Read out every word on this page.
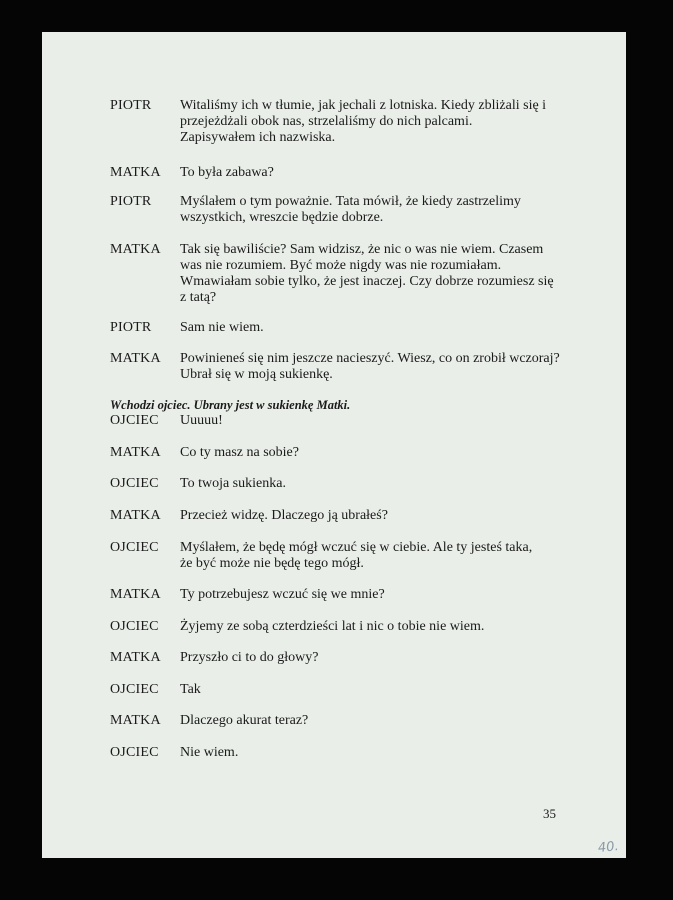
PIOTR Witaliśmy ich w tłumie, jak jechali z lotniska. Kiedy zbliżali się i
przejeżdżali obok nas, strzelaliśmy do nich palcami.
Zapisywałem ich nazwiska.
MATKA To była zabawa?
PIOTR Myślałem o tym poważnie. Tata mówił, że kiedy zastrzelimy
wszystkich, wreszcie będzie dobrze.
MATKA Tak się bawiliście? Sam widzisz, że nic o was nie wiem. Czasem
was nie rozumiem. Być może nigdy was nie rozumiałam.
Wmawiałam sobie tylko, że jest inaczej. Czy dobrze rozumiesz się
z tatą?
PIOTR Sam nie wiem.
MATKA Powinieneś się nim jeszcze nacieszyć. Wiesz, co on zrobił wczoraj?
Ubrał się w moją sukienkę.
Wchodzi ojciec. Ubrany jest w sukienkę Matki.
OJCIEC Uuuuu!
MATKA Co ty masz na sobie?
OJCIEC To twoja sukienka.
MATKA Przecież widzę. Dlaczego ją ubrałeś?
OJCIEC Myślałem, że będę mógł wczuć się w ciebie. Ale ty jesteś taka,
że być może nie będę tego mógł.
MATKA Ty potrzebujesz wczuć się we mnie?
OJCIEC Żyjemy ze sobą czterdzieści lat i nic o tobie nie wiem.
MATKA Przyszło ci to do głowy?
OJCIEC Tak
MATKA Dlaczego akurat teraz?
OJCIEC Nie wiem.
35
40.
